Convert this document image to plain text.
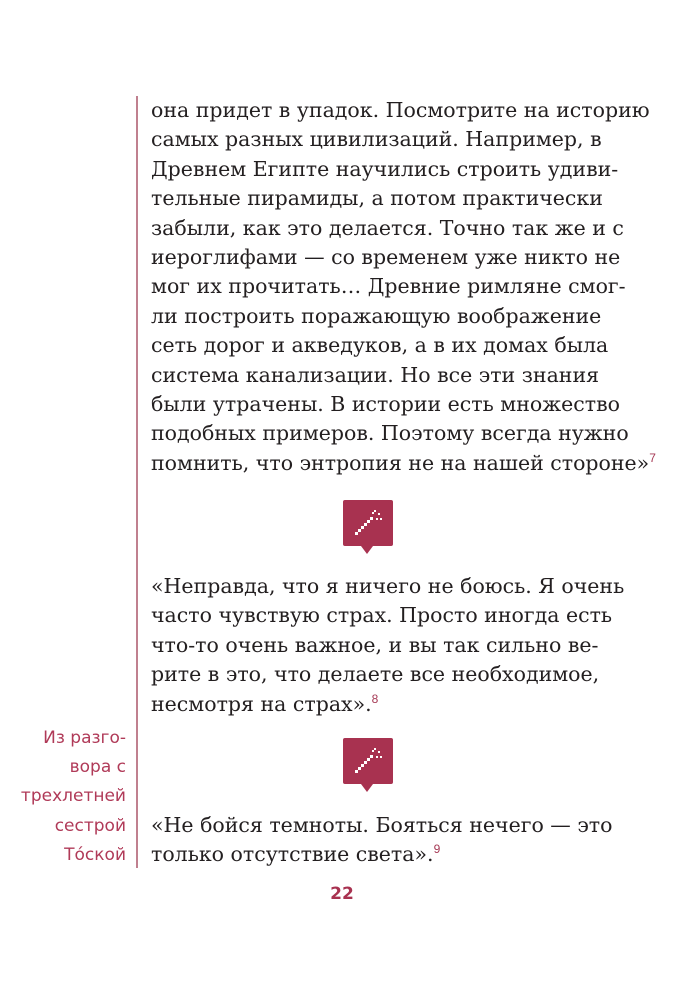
она придет в упадок. Посмотрите на историю
самых разных цивилизаций. Например, в
Древнем Египте научились строить удиви-
тельные пирамиды, а потом практически
забыли, как это делается. Точно так же и с
иероглифами — со временем уже никто не
мог их прочитать… Древние римляне смог-
ли построить поражающую воображение
сеть дорог и акведуков, а в их домах была
система канализации. Но все эти знания
были утрачены. В истории есть множество
подобных примеров. Поэтому всегда нужно
помнить, что энтропия не на нашей стороне»$^7$
«Неправда, что я ничего не боюсь. Я очень
часто чувствую страх. Просто иногда есть
что-то очень важное, и вы так сильно ве-
рите в это, что делаете все необходимое,
несмотря на страх».$^8$
«Не бойся темноты. Бояться нечего — это
только отсутствие света».$^9$
Из разго-
вора с
трехлетней
сестрой
Тóской
22
